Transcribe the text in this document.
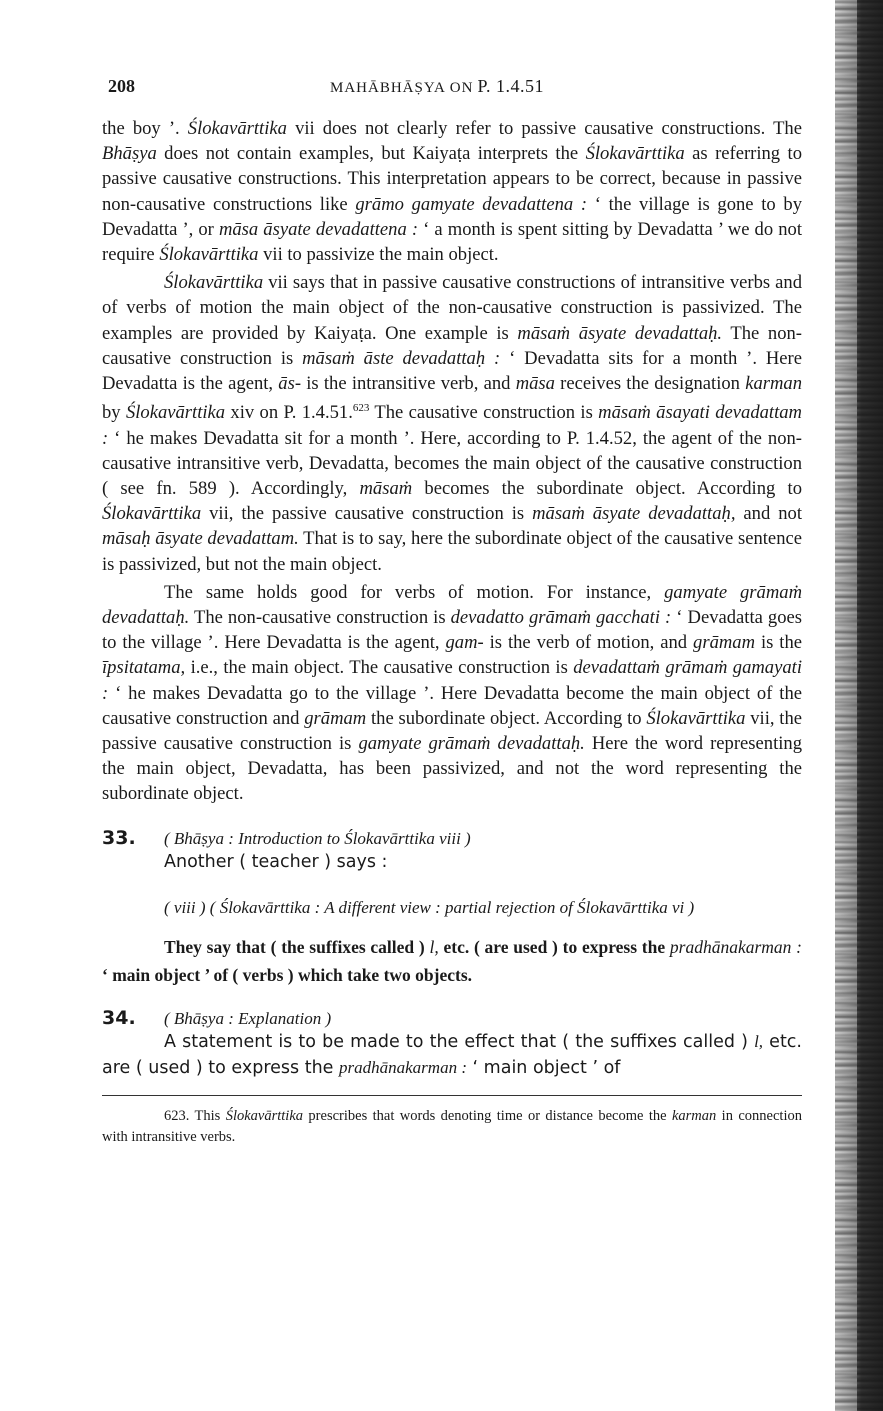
208	MAHĀBHĀṢYA ON P. 1.4.51

the boy ’. Ślokavārttika vii does not clearly refer to passive causative constructions. The Bhāṣya does not contain examples, but Kaiyaṭa interprets the Ślokavārttika as referring to passive causative constructions. This interpretation appears to be correct, because in passive non-causative constructions like grāmo gamyate devadattena : ‘ the village is gone to by Devadatta ’, or māsa āsyate devadattena : ‘ a month is spent sitting by Devadatta ’ we do not require Ślokavārttika vii to passivize the main object.

Ślokavārttika vii says that in passive causative constructions of intransitive verbs and of verbs of motion the main object of the non-causative construction is passivized. The examples are provided by Kaiyaṭa. One example is māsaṁ āsyate devadattaḥ. The non-causative construction is māsaṁ āste devadattaḥ : ‘ Devadatta sits for a month ’. Here Devadatta is the agent, ās- is the intransitive verb, and māsa receives the designation karman by Ślokavārttika xiv on P. 1.4.51.$^{623}$ The causative construction is māsaṁ āsayati devadattam : ‘ he makes Devadatta sit for a month ’. Here, according to P. 1.4.52, the agent of the non-causative intransitive verb, Devadatta, becomes the main object of the causative construction ( see fn. 589 ). Accordingly, māsaṁ becomes the subordinate object. According to Ślokavārttika vii, the passive causative construction is māsaṁ āsyate devadattaḥ, and not māsaḥ āsyate devadattam. That is to say, here the subordinate object of the causative sentence is passivized, but not the main object.

The same holds good for verbs of motion. For instance, gamyate grāmaṁ devadattaḥ. The non-causative construction is devadatto grāmaṁ gacchati : ‘ Devadatta goes to the village ’. Here Devadatta is the agent, gam- is the verb of motion, and grāmam is the īpsitatama, i.e., the main object. The causative construction is devadattaṁ grāmaṁ gamayati : ‘ he makes Devadatta go to the village ’. Here Devadatta become the main object of the causative construction and grāmam the subordinate object. According to Ślokavārttika vii, the passive causative construction is gamyate grāmaṁ devadattaḥ. Here the word representing the main object, Devadatta, has been passivized, and not the word representing the subordinate object.

33.	( Bhāṣya : Introduction to Ślokavārttika viii )
Another ( teacher ) says :

( viii ) ( Ślokavārttika : A different view : partial rejection of Ślokavārttika vi )

They say that ( the suffixes called ) l, etc. ( are used ) to express the pradhānakarman : ‘ main object ’ of ( verbs ) which take two objects.

34.	( Bhāṣya : Explanation )

A statement is to be made to the effect that ( the suffixes called ) l, etc. are ( used ) to express the pradhānakarman : ‘ main object ’ of

623. This Ślokavārttika prescribes that words denoting time or distance become the karman in connection with intransitive verbs.
